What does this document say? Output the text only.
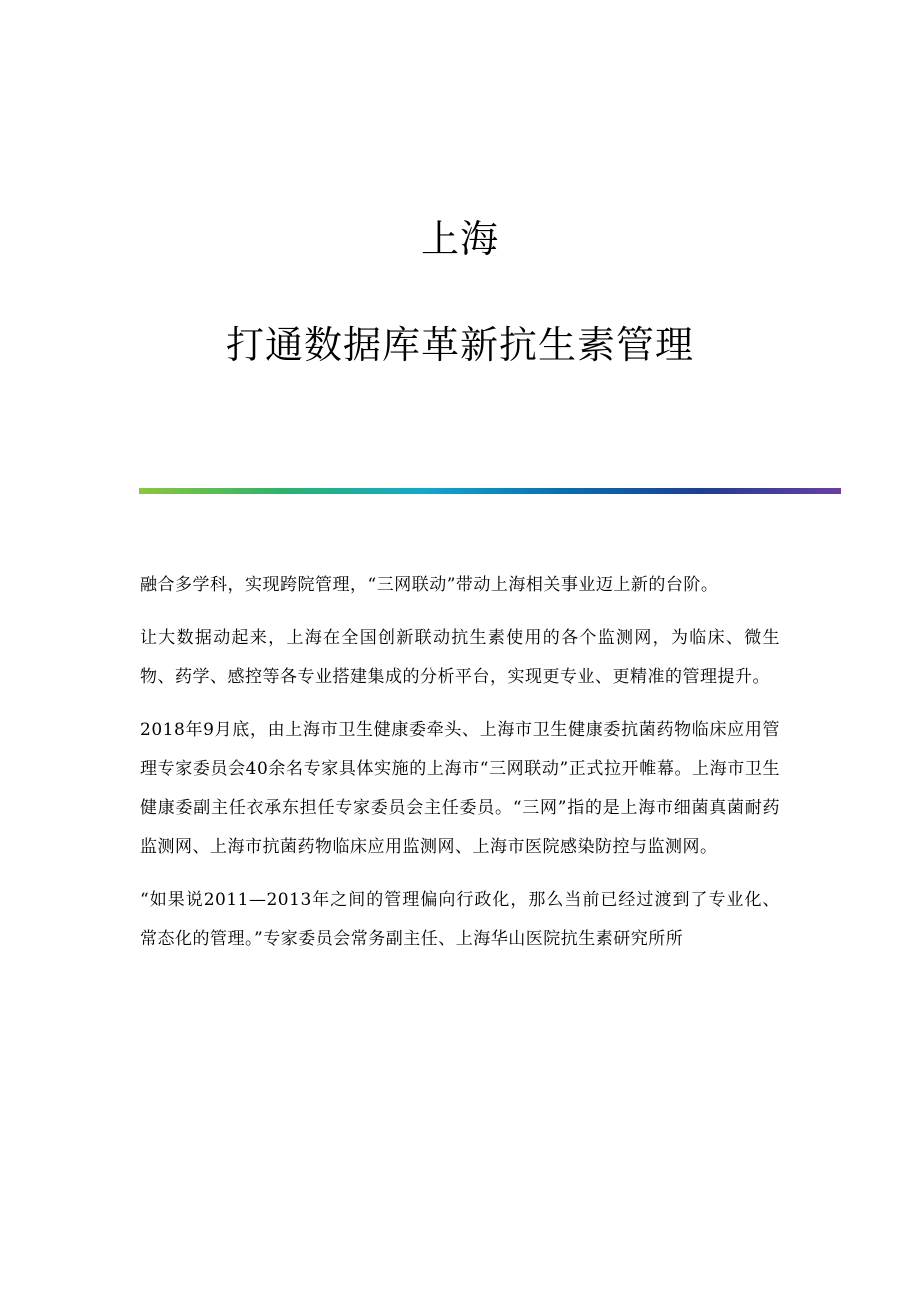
上海
打通数据库革新抗生素管理

融合多学科，实现跨院管理，“三网联动”带动上海相关事业迈上新的台阶。

让大数据动起来，上海在全国创新联动抗生素使用的各个监测网，为临床、微生物、药学、感控等各专业搭建集成的分析平台，实现更专业、更精准的管理提升。

2018年9月底，由上海市卫生健康委牵头、上海市卫生健康委抗菌药物临床应用管理专家委员会40余名专家具体实施的上海市“三网联动”正式拉开帷幕。上海市卫生健康委副主任衣承东担任专家委员会主任委员。“三网”指的是上海市细菌真菌耐药监测网、上海市抗菌药物临床应用监测网、上海市医院感染防控与监测网。

“如果说2011—2013年之间的管理偏向行政化，那么当前已经过渡到了专业化、常态化的管理。”专家委员会常务副主任、上海华山医院抗生素研究所所
